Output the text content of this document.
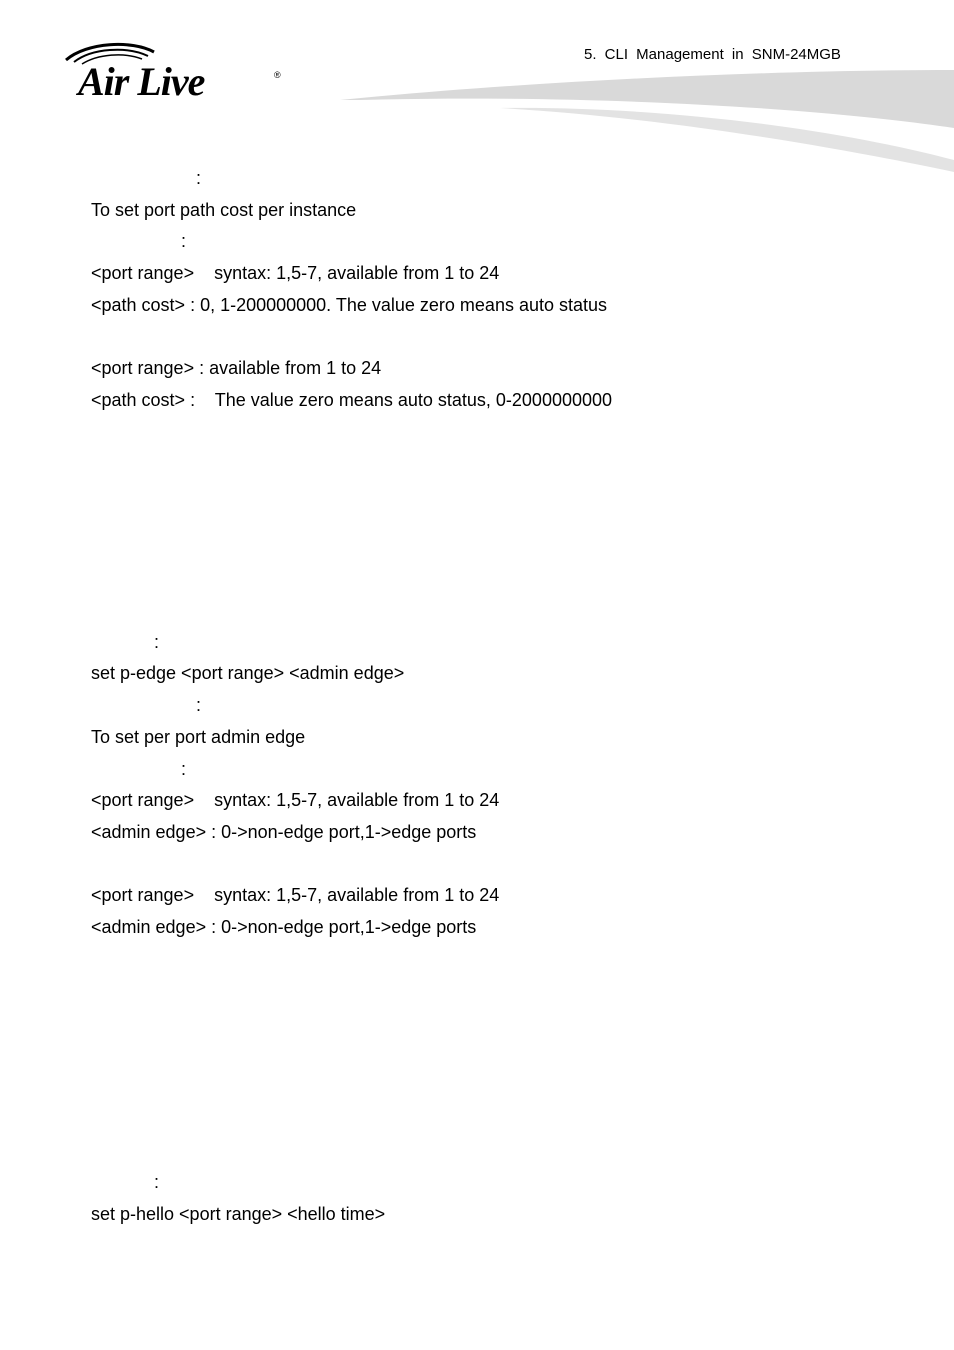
Air Live	®
5. CLI Management in SNM-24MGB
:
To set port path cost per instance
:
<port range>    syntax: 1,5-7, available from 1 to 24
<path cost> : 0, 1-200000000. The value zero means auto status
<port range> : available from 1 to 24
<path cost> :    The value zero means auto status, 0-2000000000
:
set p-edge <port range> <admin edge>
:
To set per port admin edge
:
<port range>    syntax: 1,5-7, available from 1 to 24
<admin edge> : 0->non-edge port,1->edge ports
<port range>    syntax: 1,5-7, available from 1 to 24
<admin edge> : 0->non-edge port,1->edge ports
:
set p-hello <port range> <hello time>
